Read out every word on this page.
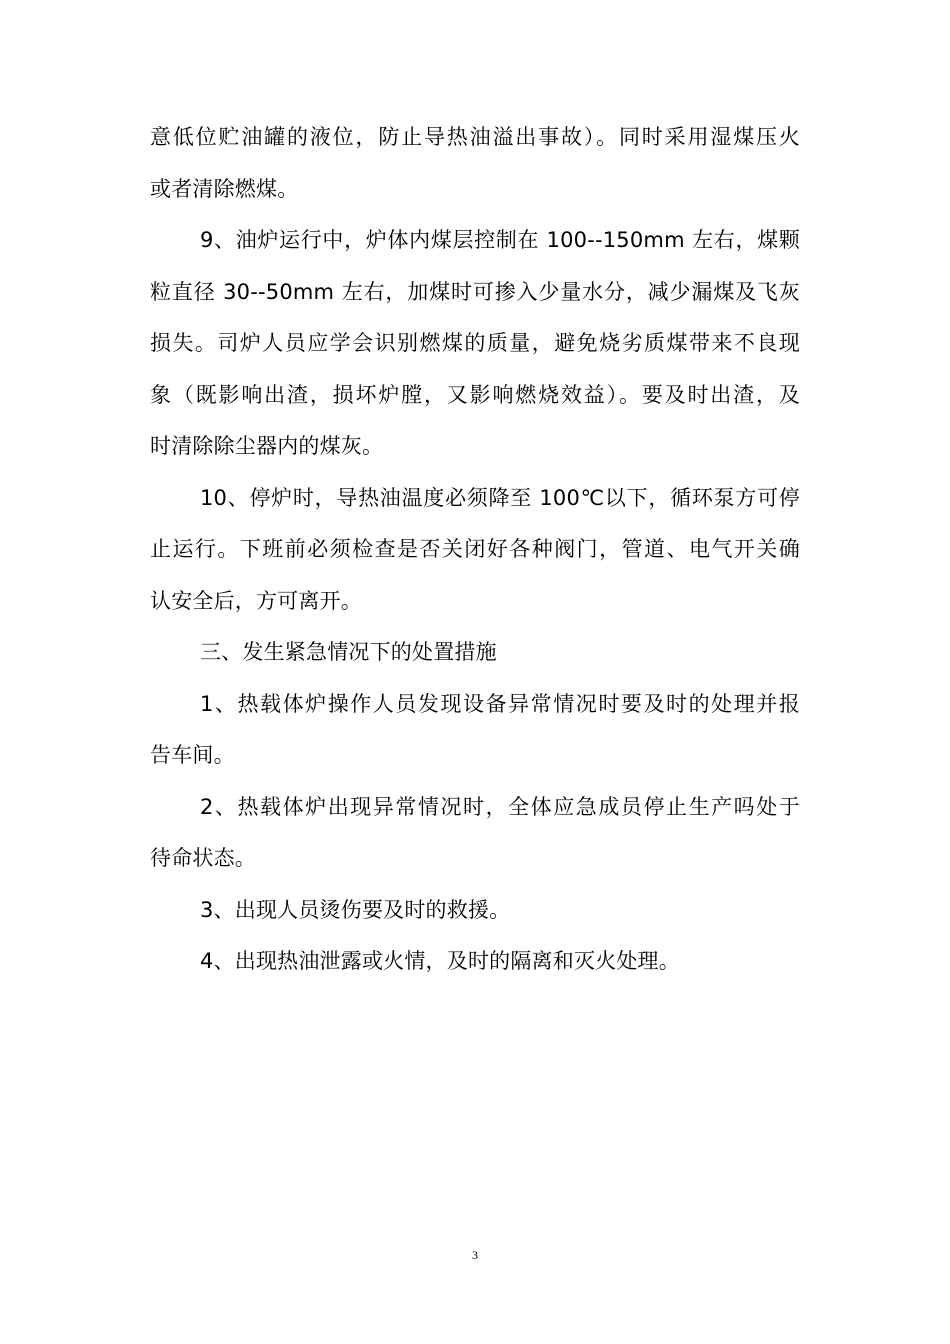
意低位贮油罐的液位，防止导热油溢出事故）。同时采用湿煤压火
或者清除燃煤。
9、油炉运行中，炉体内煤层控制在 100--150mm 左右，煤颗
粒直径 30--50mm 左右，加煤时可掺入少量水分，减少漏煤及飞灰
损失。司炉人员应学会识别燃煤的质量，避免烧劣质煤带来不良现
象（既影响出渣，损坏炉膛，又影响燃烧效益）。要及时出渣，及
时清除除尘器内的煤灰。
10、停炉时，导热油温度必须降至 100℃以下，循环泵方可停
止运行。下班前必须检查是否关闭好各种阀门，管道、电气开关确
认安全后，方可离开。
三、发生紧急情况下的处置措施
1、热载体炉操作人员发现设备异常情况时要及时的处理并报
告车间。
2、热载体炉出现异常情况时，全体应急成员停止生产吗处于
待命状态。
3、出现人员烫伤要及时的救援。
4、出现热油泄露或火情，及时的隔离和灭火处理。
3
